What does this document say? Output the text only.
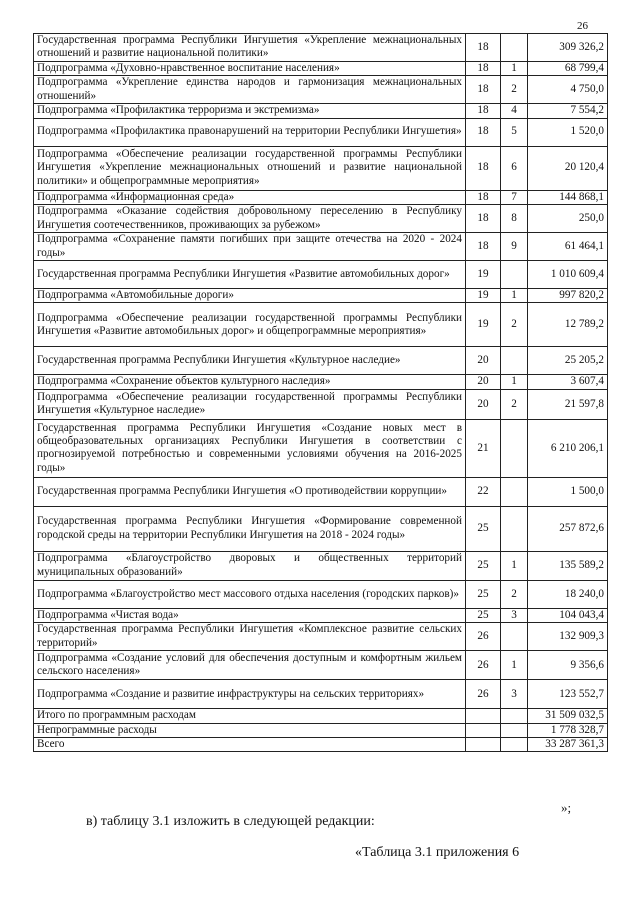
26
Государственная программа Республики Ингушетия «Укрепление межнациональных отношений и развитие национальной политики»	18		309 326,2
Подпрограмма «Духовно-нравственное воспитание населения»	18	1	68 799,4
Подпрограмма «Укрепление единства народов и гармонизация межнациональных отношений»	18	2	4 750,0
Подпрограмма «Профилактика терроризма и экстремизма»	18	4	7 554,2
Подпрограмма «Профилактика правонарушений на территории Республики Ингушетия»	18	5	1 520,0
Подпрограмма «Обеспечение реализации государственной программы Республики Ингушетия «Укрепление межнациональных отношений и развитие национальной политики» и общепрограммные мероприятия»	18	6	20 120,4
Подпрограмма «Информационная среда»	18	7	144 868,1
Подпрограмма «Оказание содействия добровольному переселению в Республику Ингушетия соотечественников, проживающих за рубежом»	18	8	250,0
Подпрограмма «Сохранение памяти погибших при защите отечества на 2020 - 2024 годы»	18	9	61 464,1
Государственная программа Республики Ингушетия «Развитие автомобильных дорог»	19		1 010 609,4
Подпрограмма «Автомобильные дороги»	19	1	997 820,2
Подпрограмма «Обеспечение реализации государственной программы Республики Ингушетия «Развитие автомобильных дорог» и общепрограммные мероприятия»	19	2	12 789,2
Государственная программа Республики Ингушетия «Культурное наследие»	20		25 205,2
Подпрограмма «Сохранение объектов культурного наследия»	20	1	3 607,4
Подпрограмма «Обеспечение реализации государственной программы Республики Ингушетия «Культурное наследие»	20	2	21 597,8
Государственная программа Республики Ингушетия «Создание новых мест в общеобразовательных организациях Республики Ингушетия в соответствии с прогнозируемой потребностью и современными условиями обучения на 2016-2025 годы»	21		6 210 206,1
Государственная программа Республики Ингушетия «О противодействии коррупции»	22		1 500,0
Государственная программа Республики Ингушетия «Формирование современной городской среды на территории Республики Ингушетия на 2018 - 2024 годы»	25		257 872,6
Подпрограмма «Благоустройство дворовых и общественных территорий муниципальных образований»	25	1	135 589,2
Подпрограмма «Благоустройство мест массового отдыха населения (городских парков)»	25	2	18 240,0
Подпрограмма «Чистая вода»	25	3	104 043,4
Государственная программа Республики Ингушетия «Комплексное развитие сельских территорий»	26		132 909,3
Подпрограмма «Создание условий для обеспечения доступным и комфортным жильем сельского населения»	26	1	9 356,6
Подпрограмма «Создание и развитие инфраструктуры на сельских территориях»	26	3	123 552,7
Итого по программным расходам			31 509 032,5
Непрограммные расходы			1 778 328,7
Всего			33 287 361,3
»;
в) таблицу 3.1 изложить в следующей редакции:
«Таблица 3.1 приложения 6
